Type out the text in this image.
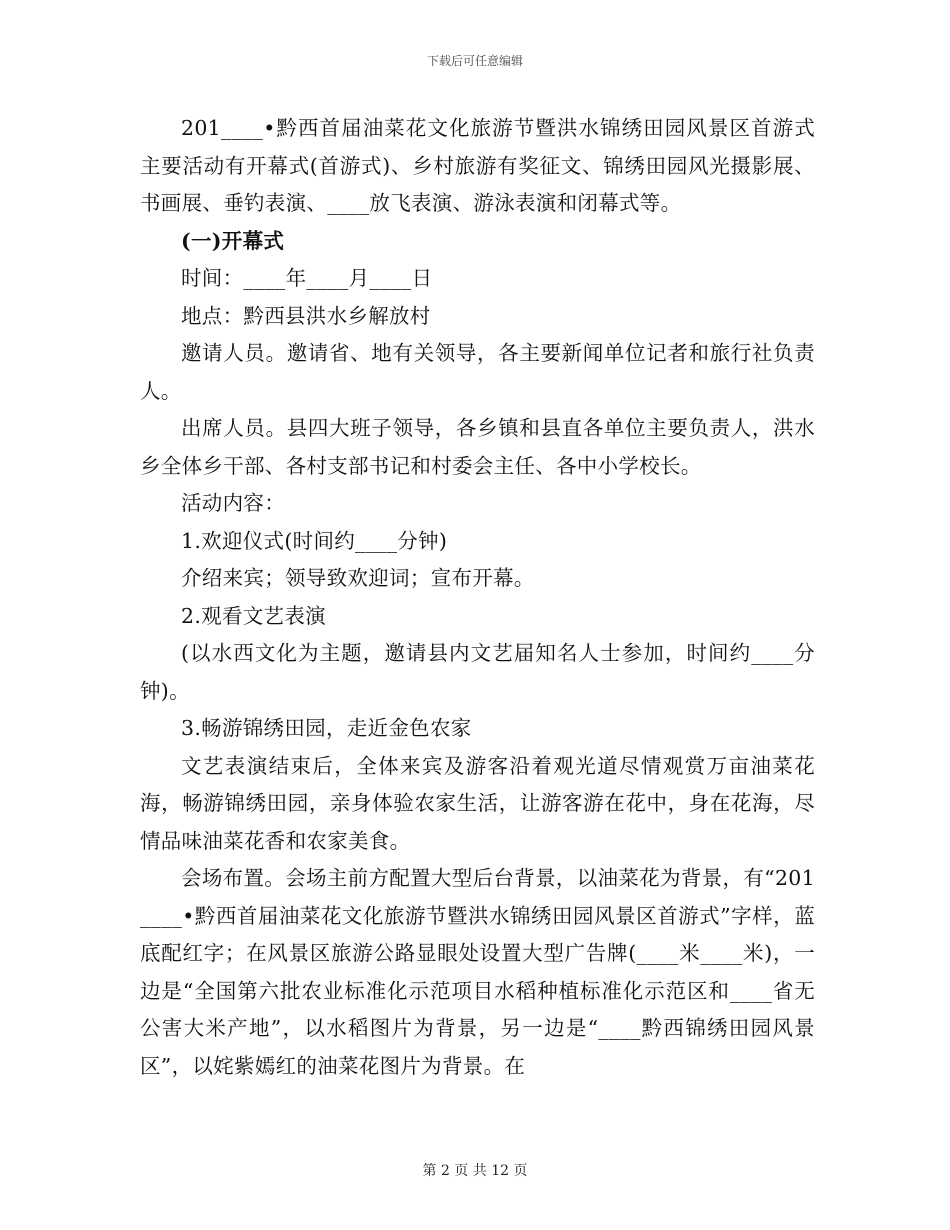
下载后可任意编辑

201____•黔西首届油菜花文化旅游节暨洪水锦绣田园风景区首游式主要活动有开幕式(首游式)、乡村旅游有奖征文、锦绣田园风光摄影展、书画展、垂钓表演、____放飞表演、游泳表演和闭幕式等。

(一)开幕式

时间：____年____月____日

地点：黔西县洪水乡解放村

邀请人员。邀请省、地有关领导，各主要新闻单位记者和旅行社负责人。

出席人员。县四大班子领导，各乡镇和县直各单位主要负责人，洪水乡全体乡干部、各村支部书记和村委会主任、各中小学校长。

活动内容：

1.欢迎仪式(时间约____分钟)

介绍来宾；领导致欢迎词；宣布开幕。

2.观看文艺表演

(以水西文化为主题，邀请县内文艺届知名人士参加，时间约____分钟)。

3.畅游锦绣田园，走近金色农家

文艺表演结束后，全体来宾及游客沿着观光道尽情观赏万亩油菜花海，畅游锦绣田园，亲身体验农家生活，让游客游在花中，身在花海，尽情品味油菜花香和农家美食。

会场布置。会场主前方配置大型后台背景，以油菜花为背景，有“201____•黔西首届油菜花文化旅游节暨洪水锦绣田园风景区首游式”字样，蓝底配红字；在风景区旅游公路显眼处设置大型广告牌(____米____米)，一边是“全国第六批农业标准化示范项目水稻种植标准化示范区和____省无公害大米产地”，以水稻图片为背景，另一边是“____黔西锦绣田园风景区”，以姹紫嫣红的油菜花图片为背景。在

第 2 页 共 12 页
